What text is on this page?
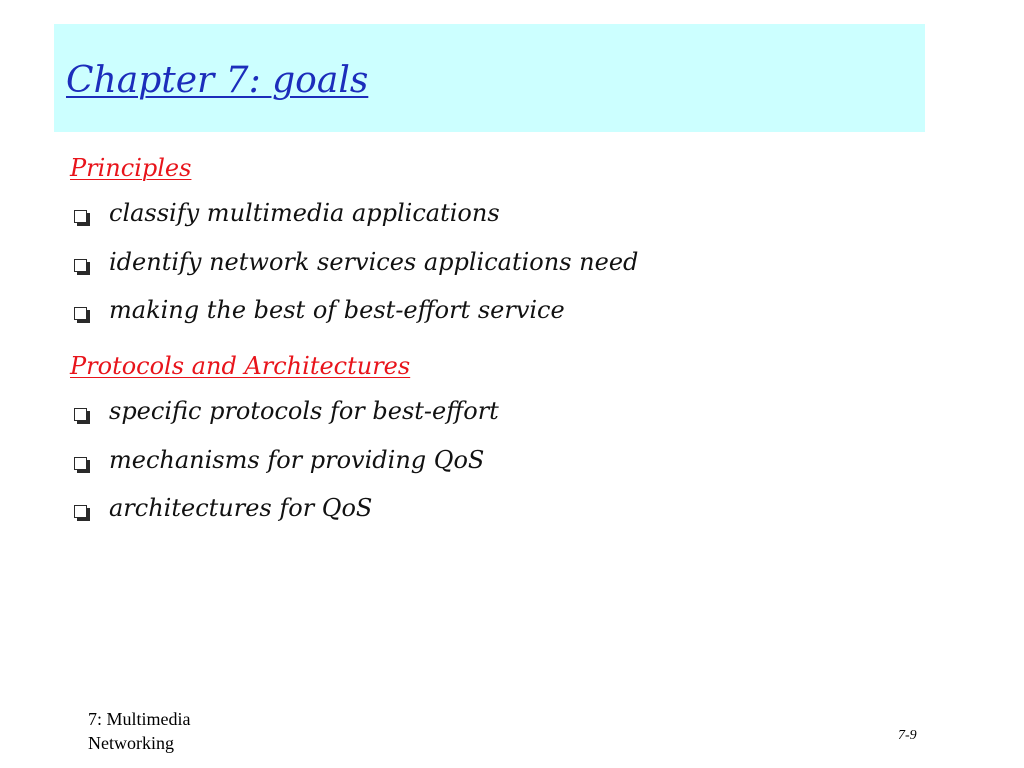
Chapter 7: goals
Principles
classify multimedia applications
identify network services applications need
making the best of best-effort service
Protocols and Architectures
specific protocols for best-effort
mechanisms for providing QoS
architectures for QoS
7: Multimedia
Networking	7-9
